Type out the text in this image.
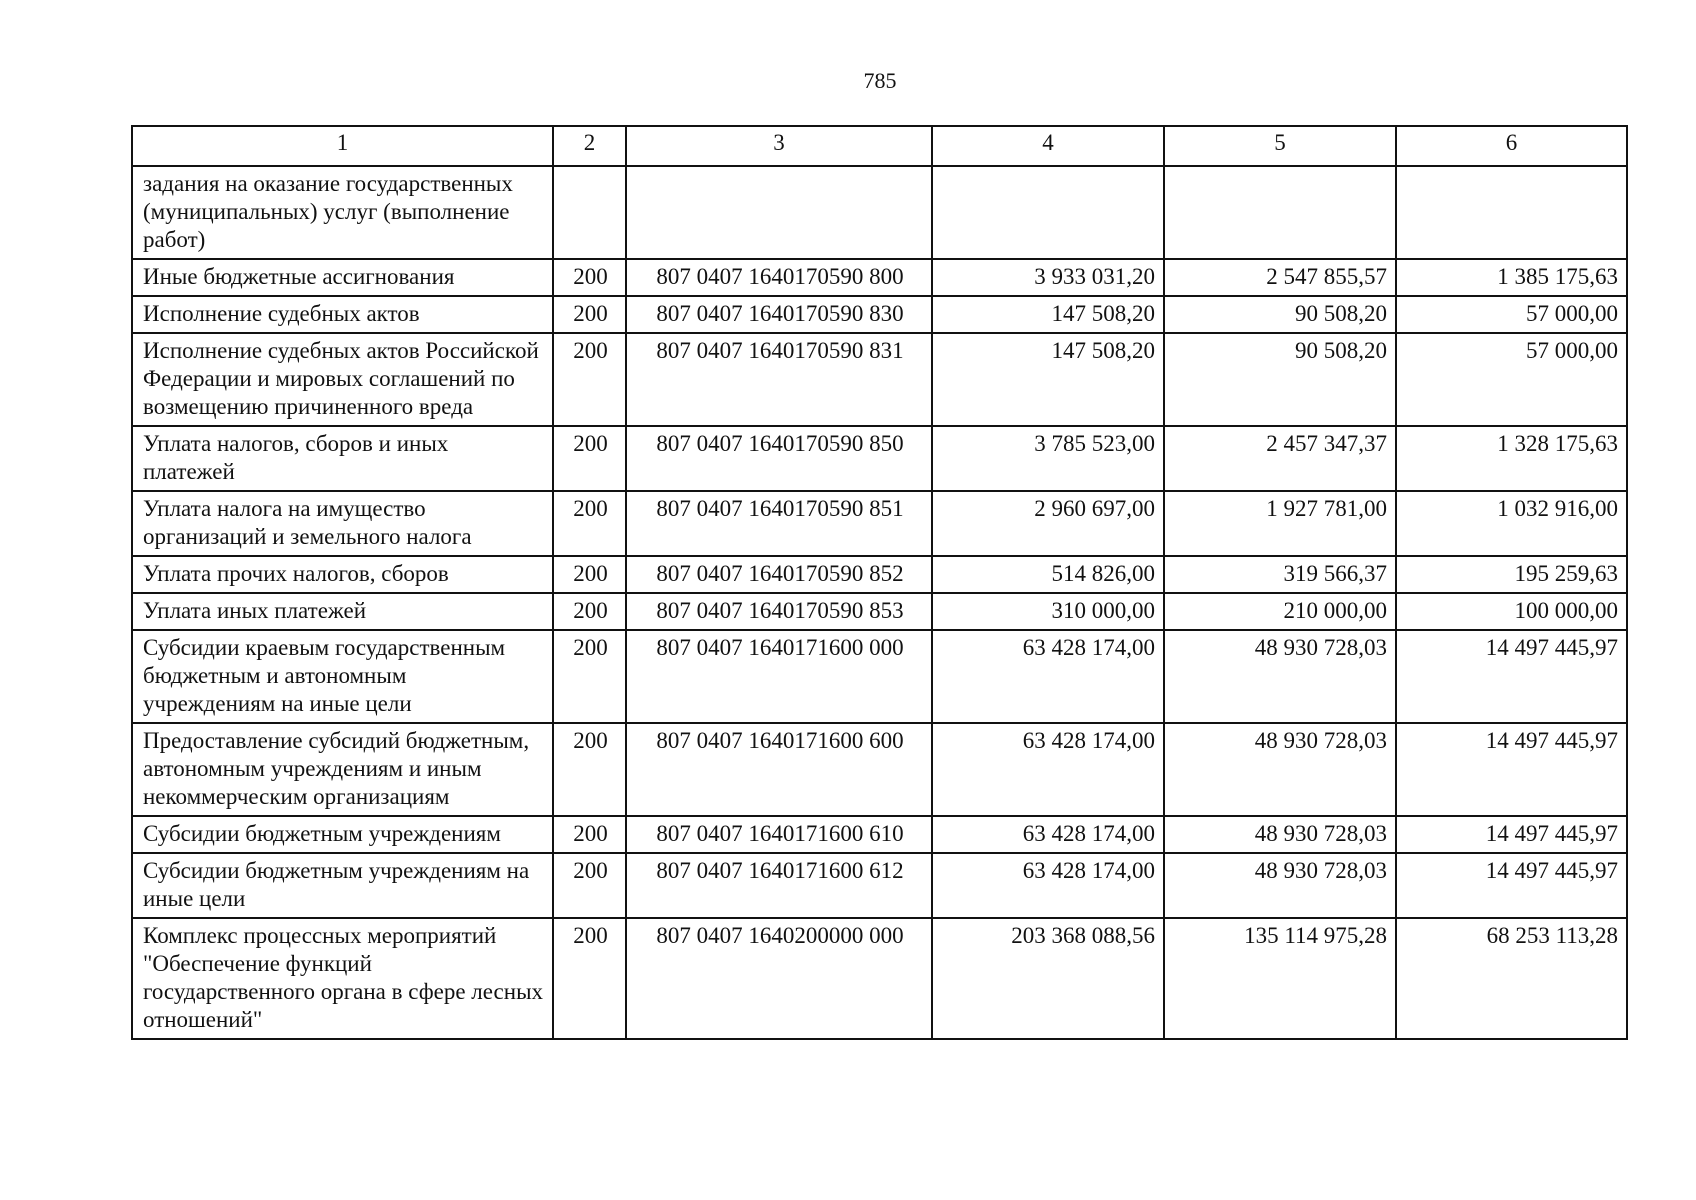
785
1	2	3	4	5	6
задания на оказание государственных (муниципальных) услуг (выполнение работ)					
Иные бюджетные ассигнования	200	807 0407 1640170590 800	3 933 031,20	2 547 855,57	1 385 175,63
Исполнение судебных актов	200	807 0407 1640170590 830	147 508,20	90 508,20	57 000,00
Исполнение судебных актов Российской Федерации и мировых соглашений по возмещению причиненного вреда	200	807 0407 1640170590 831	147 508,20	90 508,20	57 000,00
Уплата налогов, сборов и иных платежей	200	807 0407 1640170590 850	3 785 523,00	2 457 347,37	1 328 175,63
Уплата налога на имущество организаций и земельного налога	200	807 0407 1640170590 851	2 960 697,00	1 927 781,00	1 032 916,00
Уплата прочих налогов, сборов	200	807 0407 1640170590 852	514 826,00	319 566,37	195 259,63
Уплата иных платежей	200	807 0407 1640170590 853	310 000,00	210 000,00	100 000,00
Субсидии краевым государственным бюджетным и автономным учреждениям на иные цели	200	807 0407 1640171600 000	63 428 174,00	48 930 728,03	14 497 445,97
Предоставление субсидий бюджетным, автономным учреждениям и иным некоммерческим организациям	200	807 0407 1640171600 600	63 428 174,00	48 930 728,03	14 497 445,97
Субсидии бюджетным учреждениям	200	807 0407 1640171600 610	63 428 174,00	48 930 728,03	14 497 445,97
Субсидии бюджетным учреждениям на иные цели	200	807 0407 1640171600 612	63 428 174,00	48 930 728,03	14 497 445,97
Комплекс процессных мероприятий "Обеспечение функций государственного органа в сфере лесных отношений"	200	807 0407 1640200000 000	203 368 088,56	135 114 975,28	68 253 113,28
